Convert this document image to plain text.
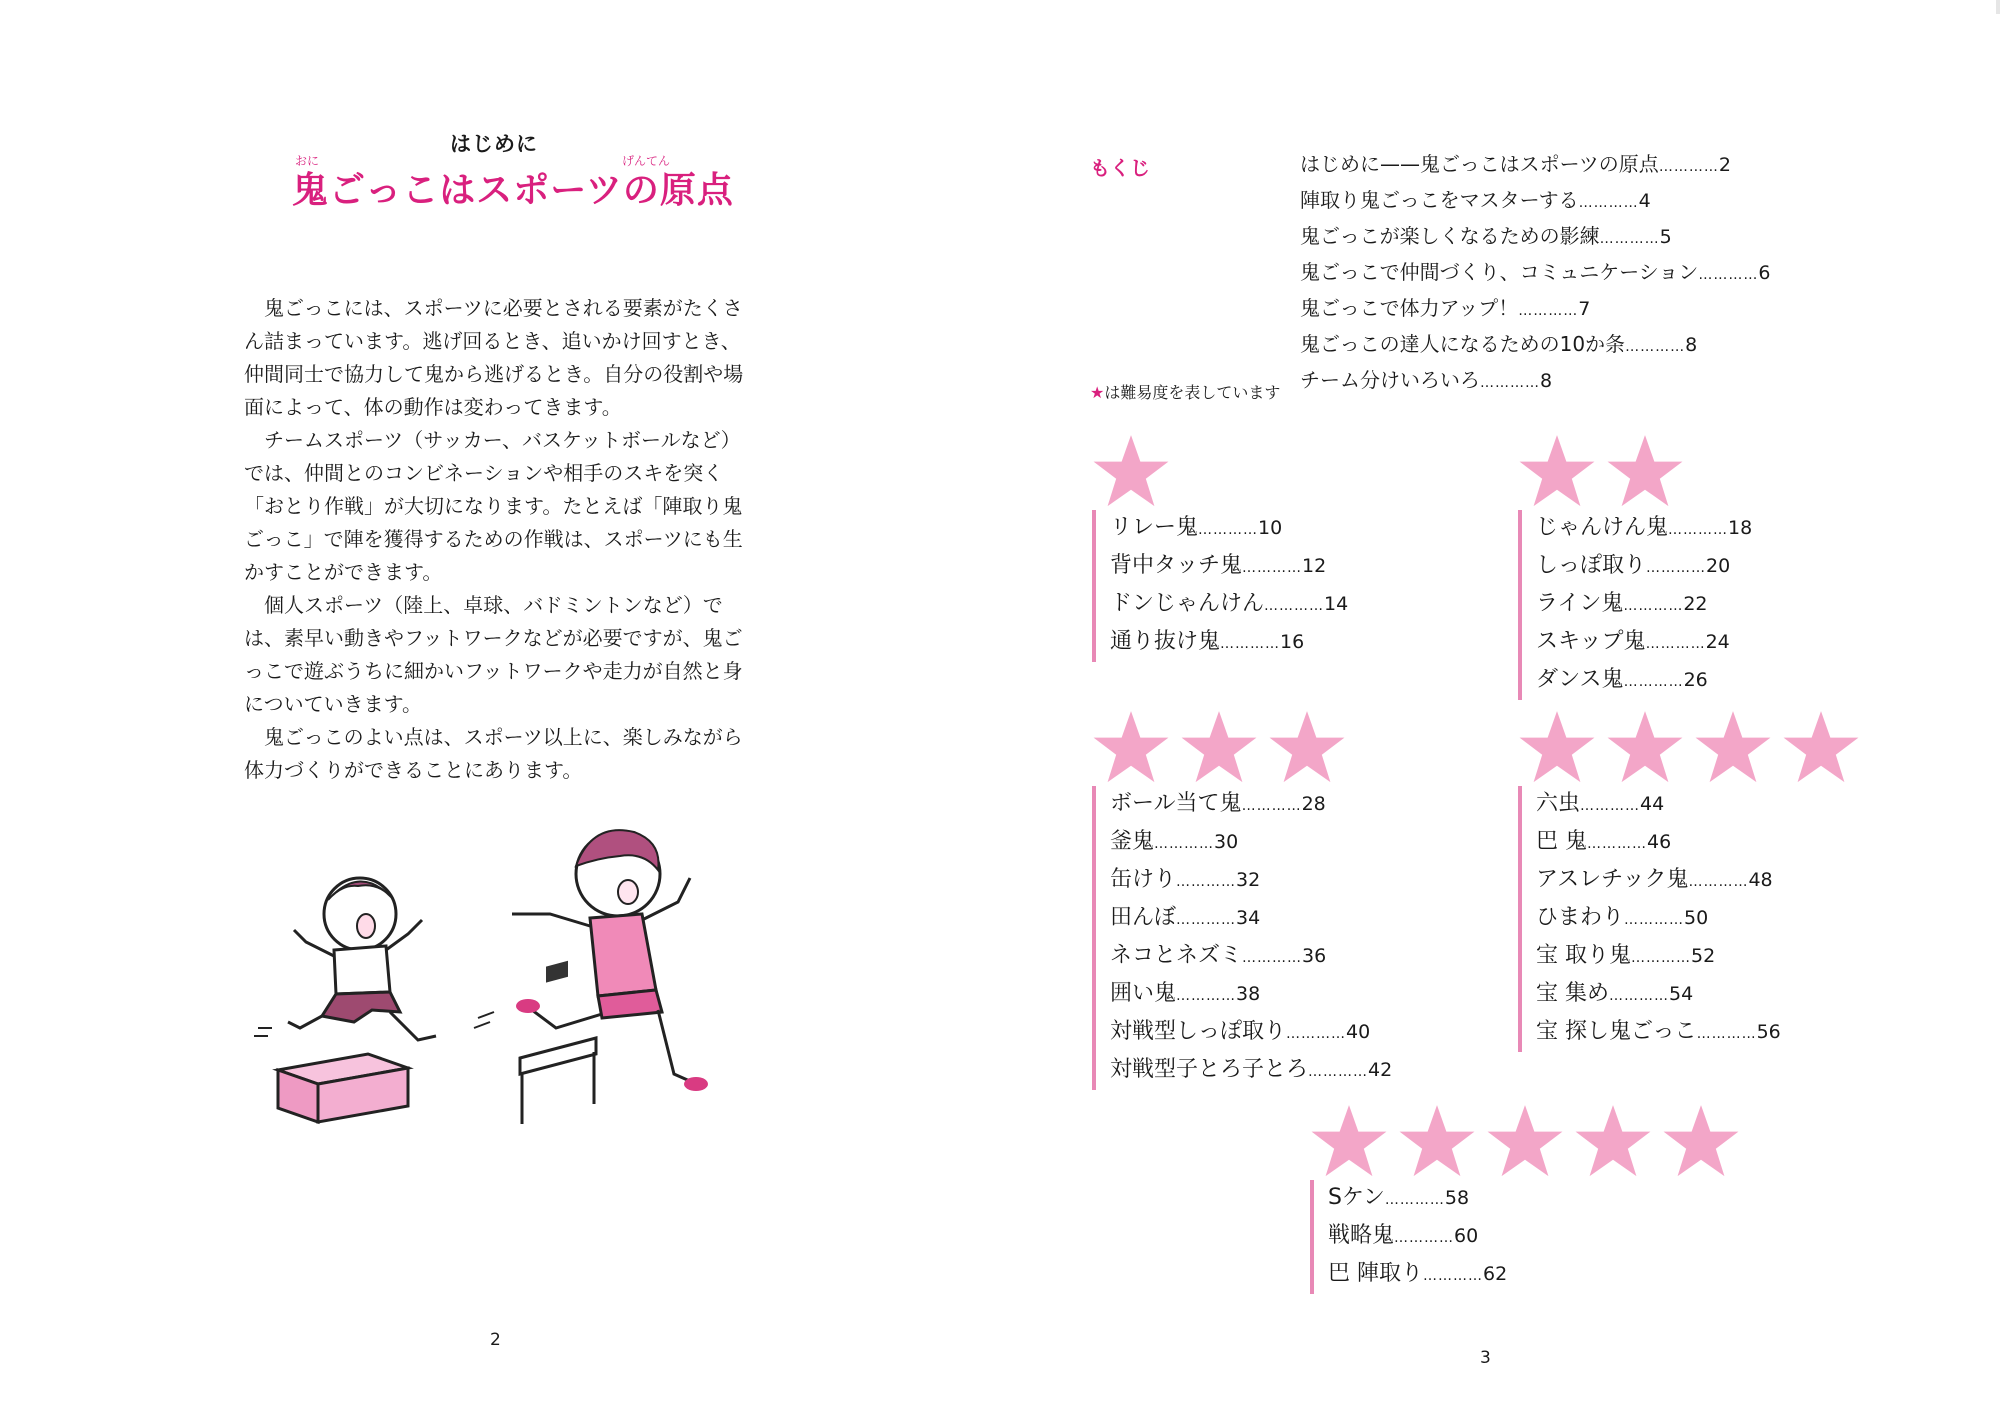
はじめに
おに	げんてん
鬼ごっこはスポーツの原点

鬼ごっこには、スポーツに必要とされる要素がたくさん詰まっています。逃げ回るとき、追いかけ回すとき、仲間同士で協力して鬼から逃げるとき。自分の役割や場面によって、体の動作は変わってきます。

チームスポーツ（サッカー、バスケットボールなど）では、仲間とのコンビネーションや相手のスキを突く「おとり作戦」が大切になります。たとえば「陣取り鬼ごっこ」で陣を獲得するための作戦は、スポーツにも生かすことができます。

個人スポーツ（陸上、卓球、バドミントンなど）では、素早い動きやフットワークなどが必要ですが、鬼ごっこで遊ぶうちに細かいフットワークや走力が自然と身についていきます。

鬼ごっこのよい点は、スポーツ以上に、楽しみながら体力づくりができることにあります。

2
もくじ	はじめに——鬼ごっこはスポーツの原点…………2
陣取り鬼ごっこをマスターする…………4
鬼ごっこが楽しくなるための影練…………5
鬼ごっこで仲間づくり、コミュニケーション…………6
鬼ごっこで体力アップ！…………7
鬼ごっこの達人になるための10か条…………8
チーム分けいろいろ…………8
★は難易度を表しています
リレー鬼…………10
背中タッチ鬼…………12
ドンじゃんけん…………14
通り抜け鬼…………16
じゃんけん鬼…………18
しっぽ取り…………20
ライン鬼…………22
スキップ鬼…………24
ダンス鬼…………26
ボール当て鬼…………28
釜鬼…………30
缶けり…………32
田んぼ…………34
ネコとネズミ…………36
囲い鬼…………38
対戦型しっぽ取り…………40
対戦型子とろ子とろ…………42
六虫…………44
巴 鬼…………46
アスレチック鬼…………48
ひまわり…………50
宝 取り鬼…………52
宝 集め…………54
宝 探し鬼ごっこ…………56
Sケン…………58
戦略鬼…………60
巴 陣取り…………62
3
